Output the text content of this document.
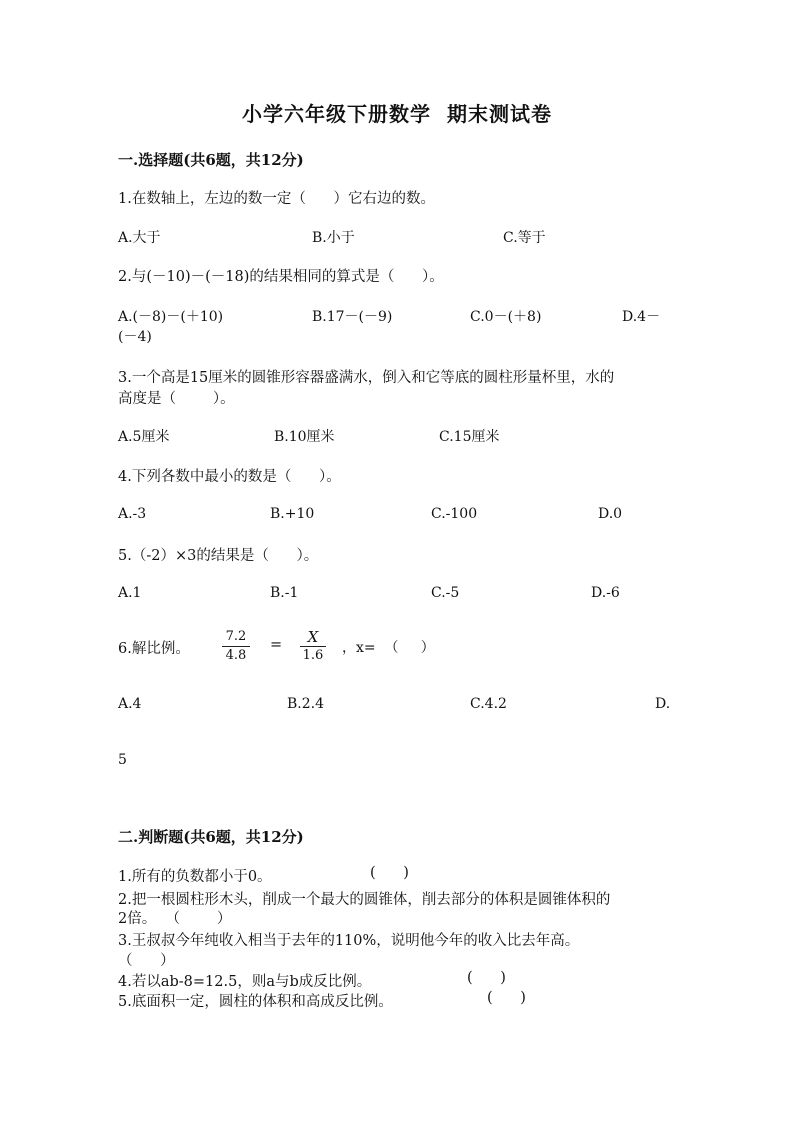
小学六年级下册数学  期末测试卷
一.选择题(共6题，共12分)
1.在数轴上，左边的数一定（      ）它右边的数。
A.大于	B.小于	C.等于
2.与(－10)－(－18)的结果相同的算式是（      ）。
A.(－8)－(＋10)	B.17－(－9)	C.0－(＋8)	D.4－
(－4)
3.一个高是15厘米的圆锥形容器盛满水，倒入和它等底的圆柱形量杯里，水的
高度是（        ）。
A.5厘米	B.10厘米	C.15厘米
4.下列各数中最小的数是（      ）。
A.-3	B.+10	C.-100	D.0
5.（-2）×3的结果是（      ）。
A.1	B.-1	C.-5	D.-6
6.解比例。
7.2
4.8
=	X
1.6 ，x=  （     ）
A.4	B.2.4	C.4.2	D.
5
二.判断题(共6题，共12分)
1.所有的负数都小于0。	(      )
2.把一根圆柱形木头，削成一个最大的圆锥体，削去部分的体积是圆锥体积的
2倍。  （        ）
3.王叔叔今年纯收入相当于去年的110%，说明他今年的收入比去年高。
（      ）
4.若以ab-8=12.5，则a与b成反比例。	(      )
5.底面积一定，圆柱的体积和高成反比例。	(      )
